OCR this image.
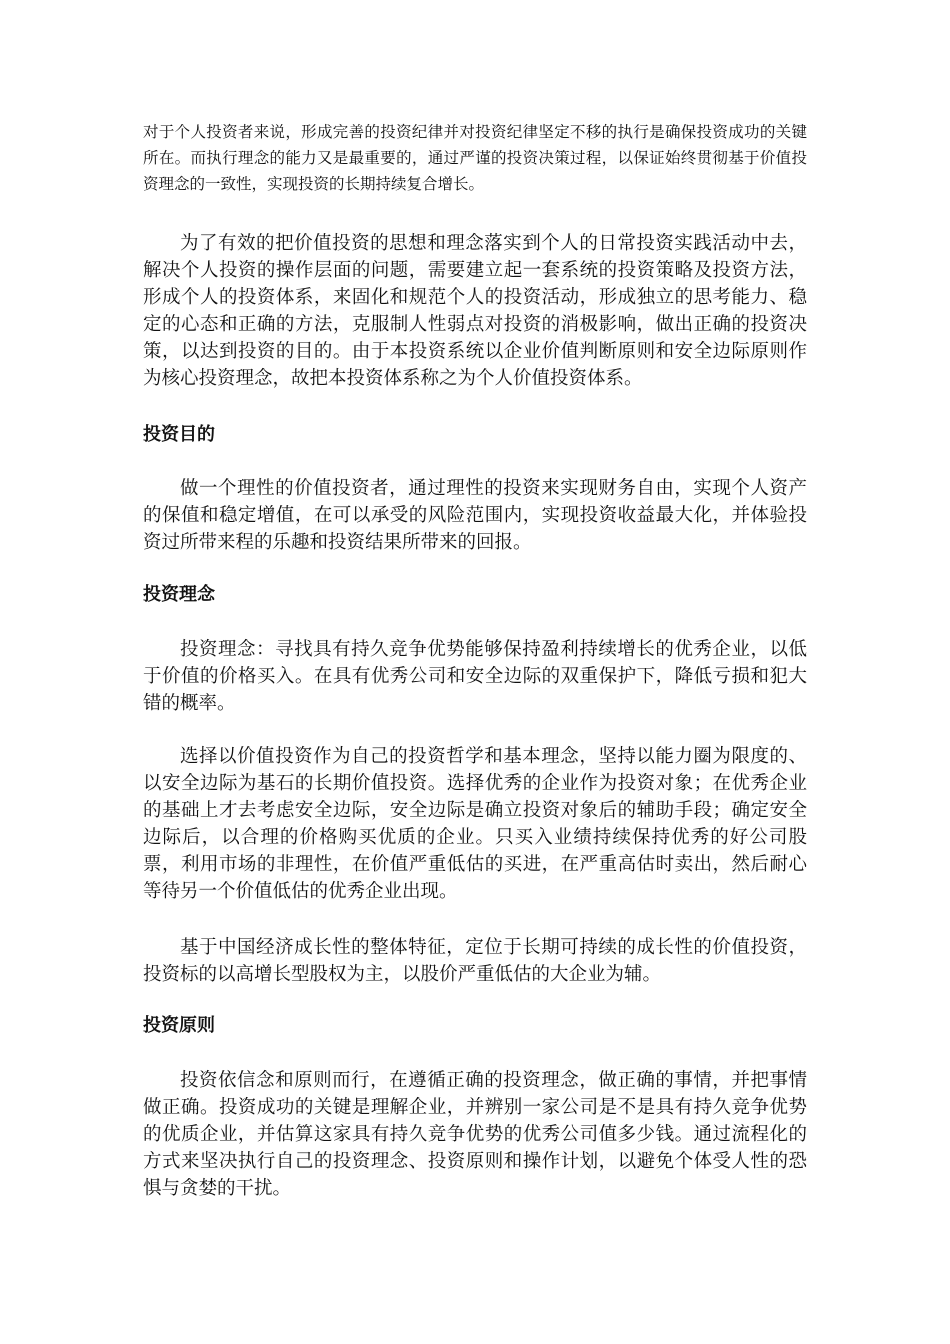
对于个人投资者来说，形成完善的投资纪律并对投资纪律坚定不移的执行是确保投资成功的关键所在。而执行理念的能力又是最重要的，通过严谨的投资决策过程，以保证始终贯彻基于价值投资理念的一致性，实现投资的长期持续复合增长。

为了有效的把价值投资的思想和理念落实到个人的日常投资实践活动中去，解决个人投资的操作层面的问题，需要建立起一套系统的投资策略及投资方法，形成个人的投资体系，来固化和规范个人的投资活动，形成独立的思考能力、稳定的心态和正确的方法，克服制人性弱点对投资的消极影响，做出正确的投资决策，以达到投资的目的。由于本投资系统以企业价值判断原则和安全边际原则作为核心投资理念，故把本投资体系称之为个人价值投资体系。

投资目的

做一个理性的价值投资者，通过理性的投资来实现财务自由，实现个人资产的保值和稳定增值，在可以承受的风险范围内，实现投资收益最大化，并体验投资过所带来程的乐趣和投资结果所带来的回报。

投资理念

投资理念：寻找具有持久竞争优势能够保持盈利持续增长的优秀企业，以低于价值的价格买入。在具有优秀公司和安全边际的双重保护下，降低亏损和犯大错的概率。

选择以价值投资作为自己的投资哲学和基本理念，坚持以能力圈为限度的、以安全边际为基石的长期价值投资。选择优秀的企业作为投资对象；在优秀企业的基础上才去考虑安全边际，安全边际是确立投资对象后的辅助手段；确定安全边际后，以合理的价格购买优质的企业。只买入业绩持续保持优秀的好公司股票，利用市场的非理性，在价值严重低估的买进，在严重高估时卖出，然后耐心等待另一个价值低估的优秀企业出现。

基于中国经济成长性的整体特征，定位于长期可持续的成长性的价值投资，投资标的以高增长型股权为主，以股价严重低估的大企业为辅。

投资原则

投资依信念和原则而行，在遵循正确的投资理念，做正确的事情，并把事情做正确。投资成功的关键是理解企业，并辨别一家公司是不是具有持久竞争优势的优质企业，并估算这家具有持久竞争优势的优秀公司值多少钱。通过流程化的方式来坚决执行自己的投资理念、投资原则和操作计划，以避免个体受人性的恐惧与贪婪的干扰。
